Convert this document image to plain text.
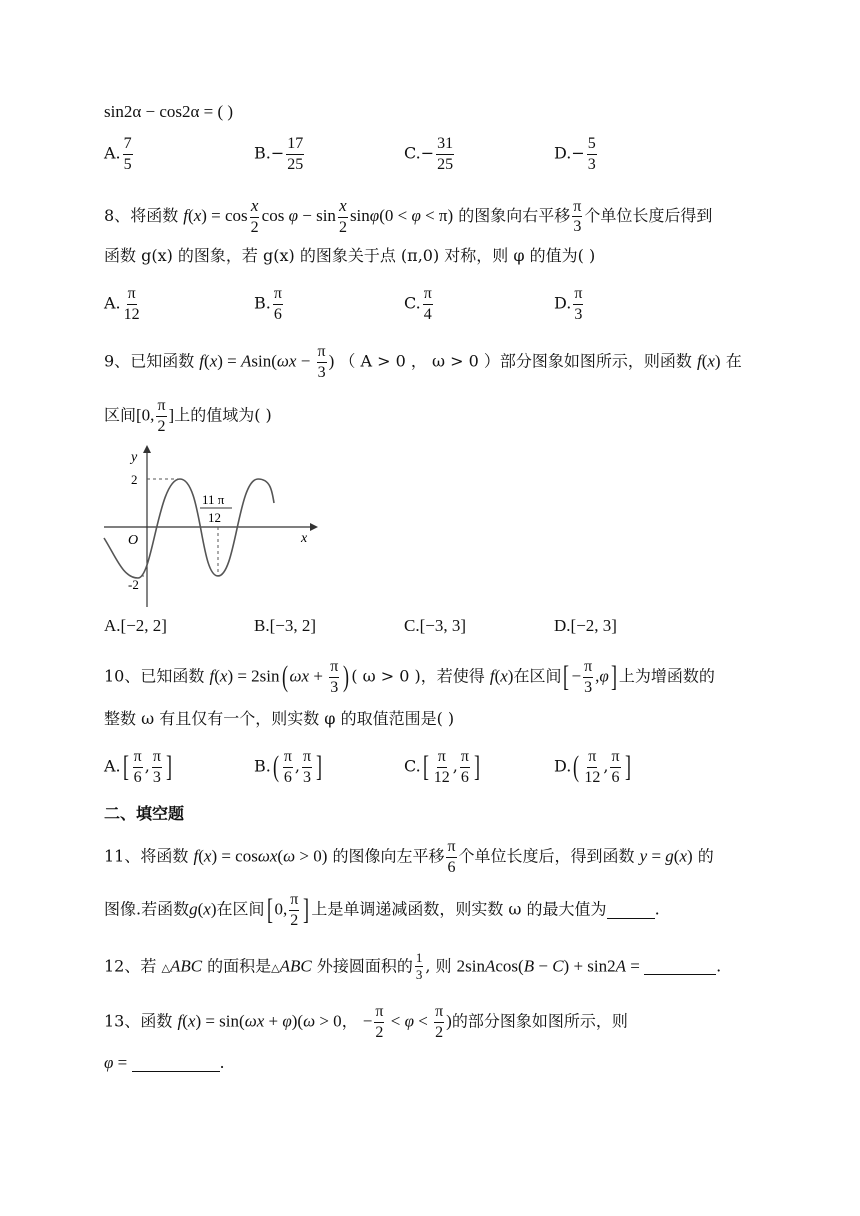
sin2α − cos2α = ( )
A. $\frac{7}{5}$	$B.- \frac{17}{25}$	$C.- \frac{31}{25}$	$D.- \frac{5}{3}$
8、将函数 $f(x) = \cos \frac{x}{2}$ $\cos \varphi - \sin \frac{x}{2} \sin\varphi(0 < \varphi < \pi)$ 的图象向右平移 $\frac{\pi}{3}$ 个单位长度后得到
函数 g(x) 的图象，若 g(x) 的图象关于点 (π,0) 对称，则 φ 的值为( )
A. $\frac{\pi}{12}$	B. $\frac{\pi}{6}$	C. $\frac{\pi}{4}$	D. $\frac{\pi}{3}$
9、已知函数 $f(x) = Asin(\omega x - \frac{\pi}{3}$ ) （ A > 0 ， ω > 0 ）部分图象如图所示，则函数 f(x) 在
区间[0, $\frac{\pi}{2}$ ]上的值域为( )
y
x
O
2
-2
11 π
12
A.[−2, 2]	B.[−3, 2]	C.[−3, 3]	D.[−2, 3]
10、已知函数 f(x) = 2sin( $\omega x + \frac{\pi}{3}$ ) ( ω > 0 )，若使得 f(x)在区间[ − $\frac{\pi}{3} ,\varphi$] 上为增函数的
整数 ω 有且仅有一个，则实数 φ 的取值范围是( )
$A.[ \frac{\pi}{6}$ , $\frac{\pi}{3}$ ]	$B.( \frac{\pi}{6}$ , $\frac{\pi}{3}$ ]	$C.[ \frac{\pi}{12}$ , $\frac{\pi}{6}$ ]	$D.( \frac{\pi}{12}$ , $\frac{\pi}{6}$ ]
二、填空题
11、将函数 f(x) = cosωx(ω > 0) 的图像向左平移 $\frac{\pi}{6}$ 个单位长度后，得到函数 y = g(x) 的
图像.若函数g(x)在区间[ 0, $\frac{\pi}{2}$ ] 上是单调递减函数，则实数 ω 的最大值为	.
12、若 △ABC 的面积是△ABC 外接圆面积的 $\frac{1}{3}$ , 则 2sinAcos(B − C) + sin2A =	.
13、函数 f(x) = sin(ωx + φ)(ω > 0， − $\frac{\pi}{2} < \varphi < \frac{\pi}{2}$ )的部分图象如图所示，则
φ =	.
